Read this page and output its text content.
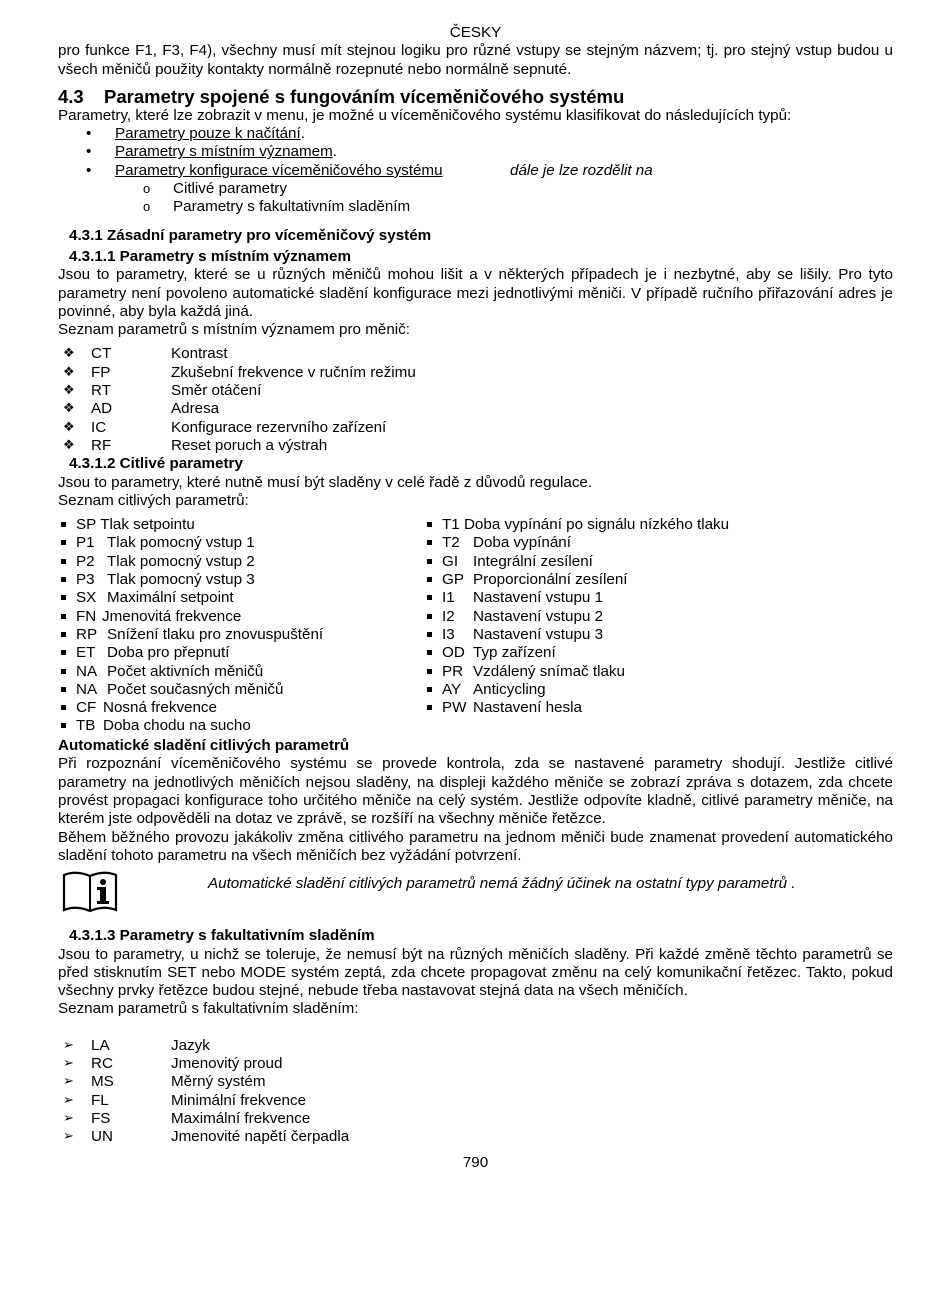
ČESKY

pro funkce F1, F3, F4), všechny musí mít stejnou logiku pro různé vstupy se stejným názvem; tj. pro stejný vstup budou u všech měničů použity kontakty normálně rozepnuté nebo normálně sepnuté.

4.3 Parametry spojené s fungováním víceměničového systému

Parametry, které lze zobrazit v menu, je možné u víceměničového systému klasifikovat do následujících typů:

• Parametry pouze k načítání.
• Parametry s místním významem.
• Parametry konfigurace víceměničového systému	dále je lze rozdělit na
o Citlivé parametry
o Parametry s fakultativním sladěním
4.3.1 Zásadní parametry pro víceměničový systém
4.3.1.1 Parametry s místním významem

Jsou to parametry, které se u různých měničů mohou lišit a v některých případech je i nezbytné, aby se lišily. Pro tyto parametry není povoleno automatické sladění konfigurace mezi jednotlivými měniči. V případě ručního přiřazování adres je povinné, aby byla každá jiná.

Seznam parametrů s místním významem pro měnič:

❖ CT	Kontrast
❖ FP	Zkušební frekvence v ručním režimu
❖ RT	Směr otáčení
❖ AD	Adresa
❖ IC	Konfigurace rezervního zařízení
❖ RF	Reset poruch a výstrah
4.3.1.2 Citlivé parametry

Jsou to parametry, které nutně musí být sladěny v celé řadě z důvodů regulace.

Seznam citlivých parametrů:

SP Tlak setpointu
P1 Tlak pomocný vstup 1
P2 Tlak pomocný vstup 2
P3 Tlak pomocný vstup 3
SX Maximální setpoint
FN Jmenovitá frekvence
RP Snížení tlaku pro znovuspuštění
ET Doba pro přepnutí
NA Počet aktivních měničů
NA Počet současných měničů
CF Nosná frekvence
TB Doba chodu na sucho
T1 Doba vypínání po signálu nízkého tlaku
T2 Doba vypínání
GI Integrální zesílení
GP Proporcionální zesílení
I1 Nastavení vstupu 1
I2 Nastavení vstupu 2
I3 Nastavení vstupu 3
OD Typ zařízení
PR Vzdálený snímač tlaku
AY Anticycling
PW Nastavení hesla

Automatické sladění citlivých parametrů

Při rozpoznání víceměničového systému se provede kontrola, zda se nastavené parametry shodují. Jestliže citlivé parametry na jednotlivých měničích nejsou sladěny, na displeji každého měniče se zobrazí zpráva s dotazem, zda chcete provést propagaci konfigurace toho určitého měniče na celý systém. Jestliže odpovíte kladně, citlivé parametry měniče, na kterém jste odpověděli na dotaz ve zprávě, se rozšíří na všechny měniče řetězce.

Během běžného provozu jakákoliv změna citlivého parametru na jednom měniči bude znamenat provedení automatického sladění tohoto parametru na všech měničích bez vyžádání potvrzení.

Automatické sladění citlivých parametrů nemá žádný účinek na ostatní typy parametrů .
4.3.1.3 Parametry s fakultativním sladěním

Jsou to parametry, u nichž se toleruje, že nemusí být na různých měničích sladěny. Při každé změně těchto parametrů se před stisknutím SET nebo MODE systém zeptá, zda chcete propagovat změnu na celý komunikační řetězec. Takto, pokud všechny prvky řetězce budou stejné, nebude třeba nastavovat stejná data na všech měničích.

Seznam parametrů s fakultativním sladěním:

➢ LA	Jazyk
➢ RC	Jmenovitý proud
➢ MS	Měrný systém
➢ FL	Minimální frekvence
➢ FS	Maximální frekvence
➢ UN	Jmenovité napětí čerpadla
790
